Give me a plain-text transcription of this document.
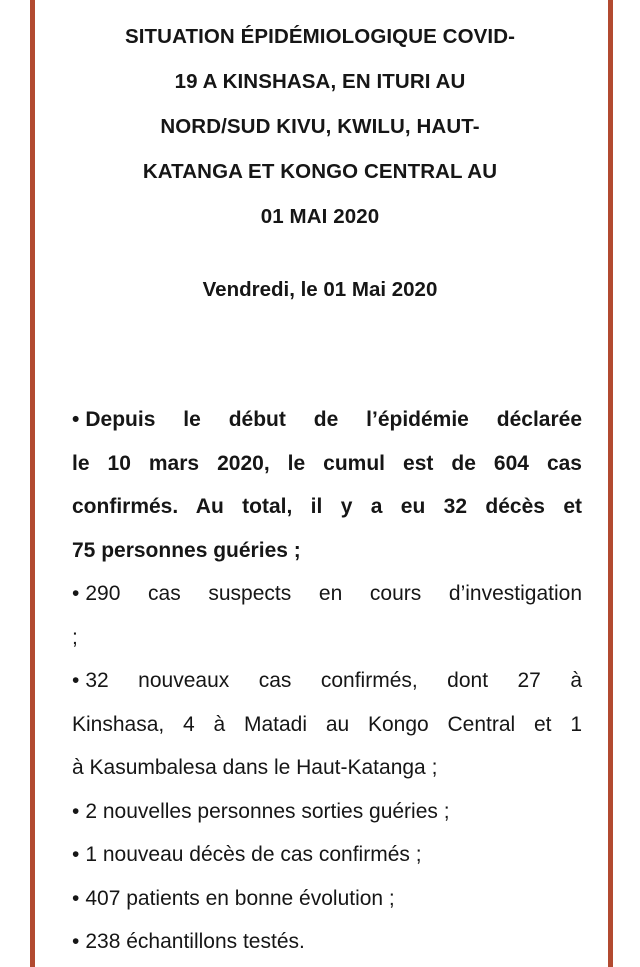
SITUATION ÉPIDÉMIOLOGIQUE COVID-
19 A KINSHASA, EN ITURI AU
NORD/SUD KIVU, KWILU, HAUT-
KATANGA ET KONGO CENTRAL AU
01 MAI 2020

Vendredi, le 01 Mai 2020

• Depuis le début de l’épidémie déclarée
le 10 mars 2020, le cumul est de 604 cas
confirmés. Au total, il y a eu 32 décès et
75 personnes guéries ;
• 290 cas suspects en cours d’investigation
;
• 32 nouveaux cas confirmés, dont 27 à
Kinshasa, 4 à Matadi au Kongo Central et 1
à Kasumbalesa dans le Haut-Katanga ;
• 2 nouvelles personnes sorties guéries ;
• 1 nouveau décès de cas confirmés ;
• 407 patients en bonne évolution ;
• 238 échantillons testés.
